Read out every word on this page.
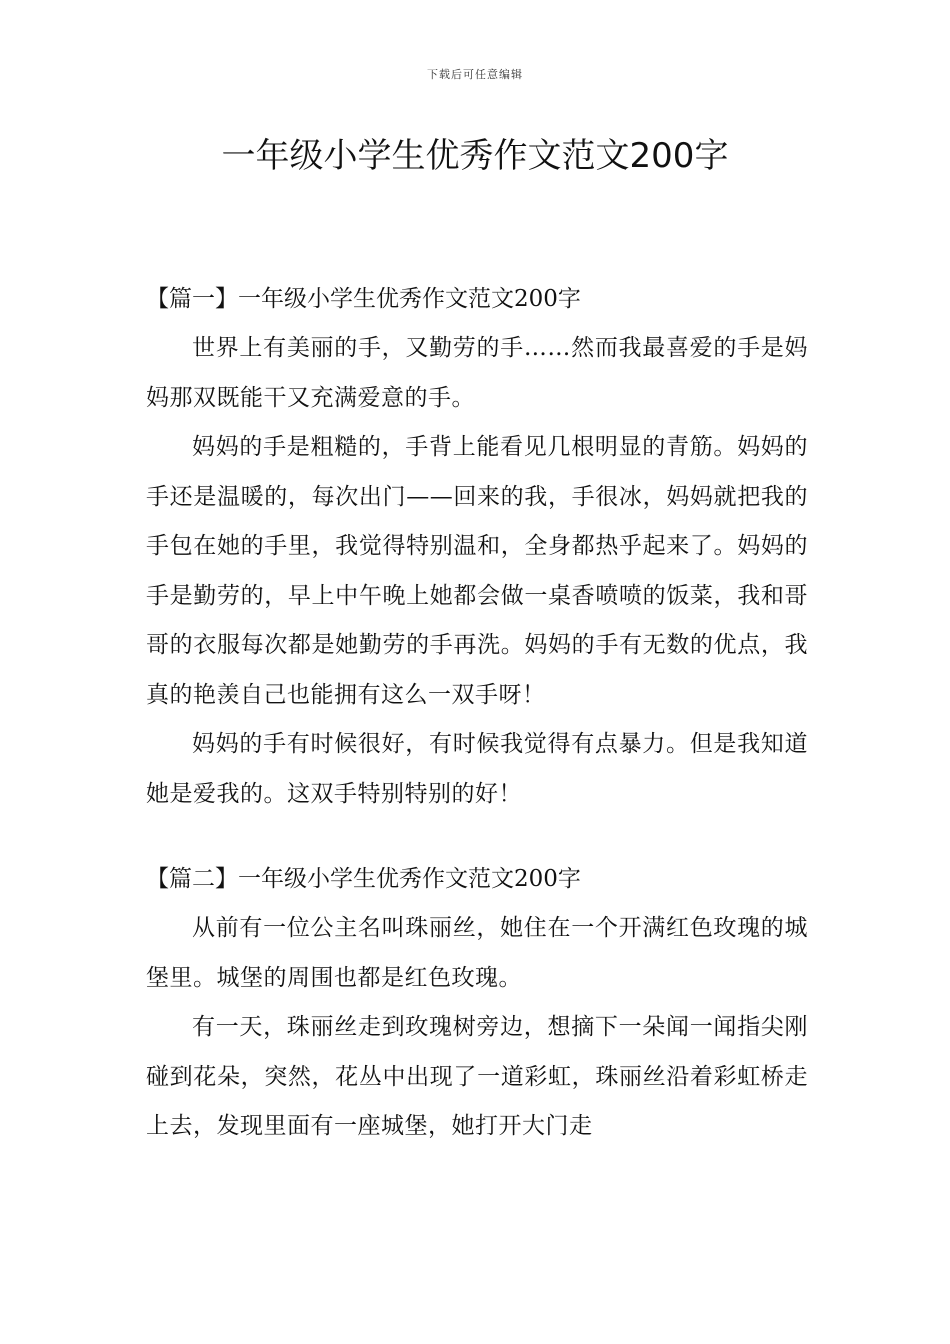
下载后可任意编辑
一年级小学生优秀作文范文200字

【篇一】一年级小学生优秀作文范文200字

世界上有美丽的手，又勤劳的手……然而我最喜爱的手是妈妈那双既能干又充满爱意的手。

妈妈的手是粗糙的，手背上能看见几根明显的青筋。妈妈的手还是温暖的，每次出门——回来的我，手很冰，妈妈就把我的手包在她的手里，我觉得特别温和，全身都热乎起来了。妈妈的手是勤劳的，早上中午晚上她都会做一桌香喷喷的饭菜，我和哥哥的衣服每次都是她勤劳的手再洗。妈妈的手有无数的优点，我真的艳羡自己也能拥有这么一双手呀！

妈妈的手有时候很好，有时候我觉得有点暴力。但是我知道她是爱我的。这双手特别特别的好！

【篇二】一年级小学生优秀作文范文200字

从前有一位公主名叫珠丽丝，她住在一个开满红色玫瑰的城堡里。城堡的周围也都是红色玫瑰。

有一天，珠丽丝走到玫瑰树旁边，想摘下一朵闻一闻指尖刚碰到花朵，突然，花丛中出现了一道彩虹，珠丽丝沿着彩虹桥走上去，发现里面有一座城堡，她打开大门走
